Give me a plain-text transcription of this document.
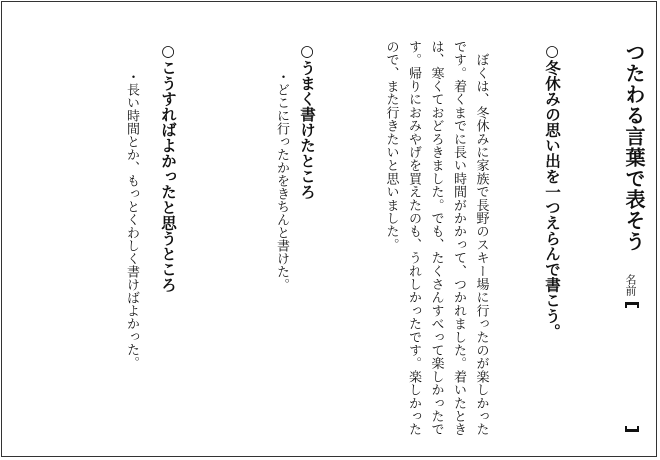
つたわる言葉で表そう
名前
○冬休みの思い出を一つえらんで書こう。
　ぼくは、冬休みに家族で長野のスキー場に行ったのが楽しかったです。着くまでに長い時間がかかって、つかれました。着いたときは、寒くておどろきました。でも、たくさんすべって楽しかったです。帰りにおみやげを買えたのも、うれしかったです。楽しかったので、また行きたいと思いました。
○うまく書けたところ
・どこに行ったかをきちんと書けた。
○こうすればよかったと思うところ
・長い時間とか、もっとくわしく書けばよかった。
